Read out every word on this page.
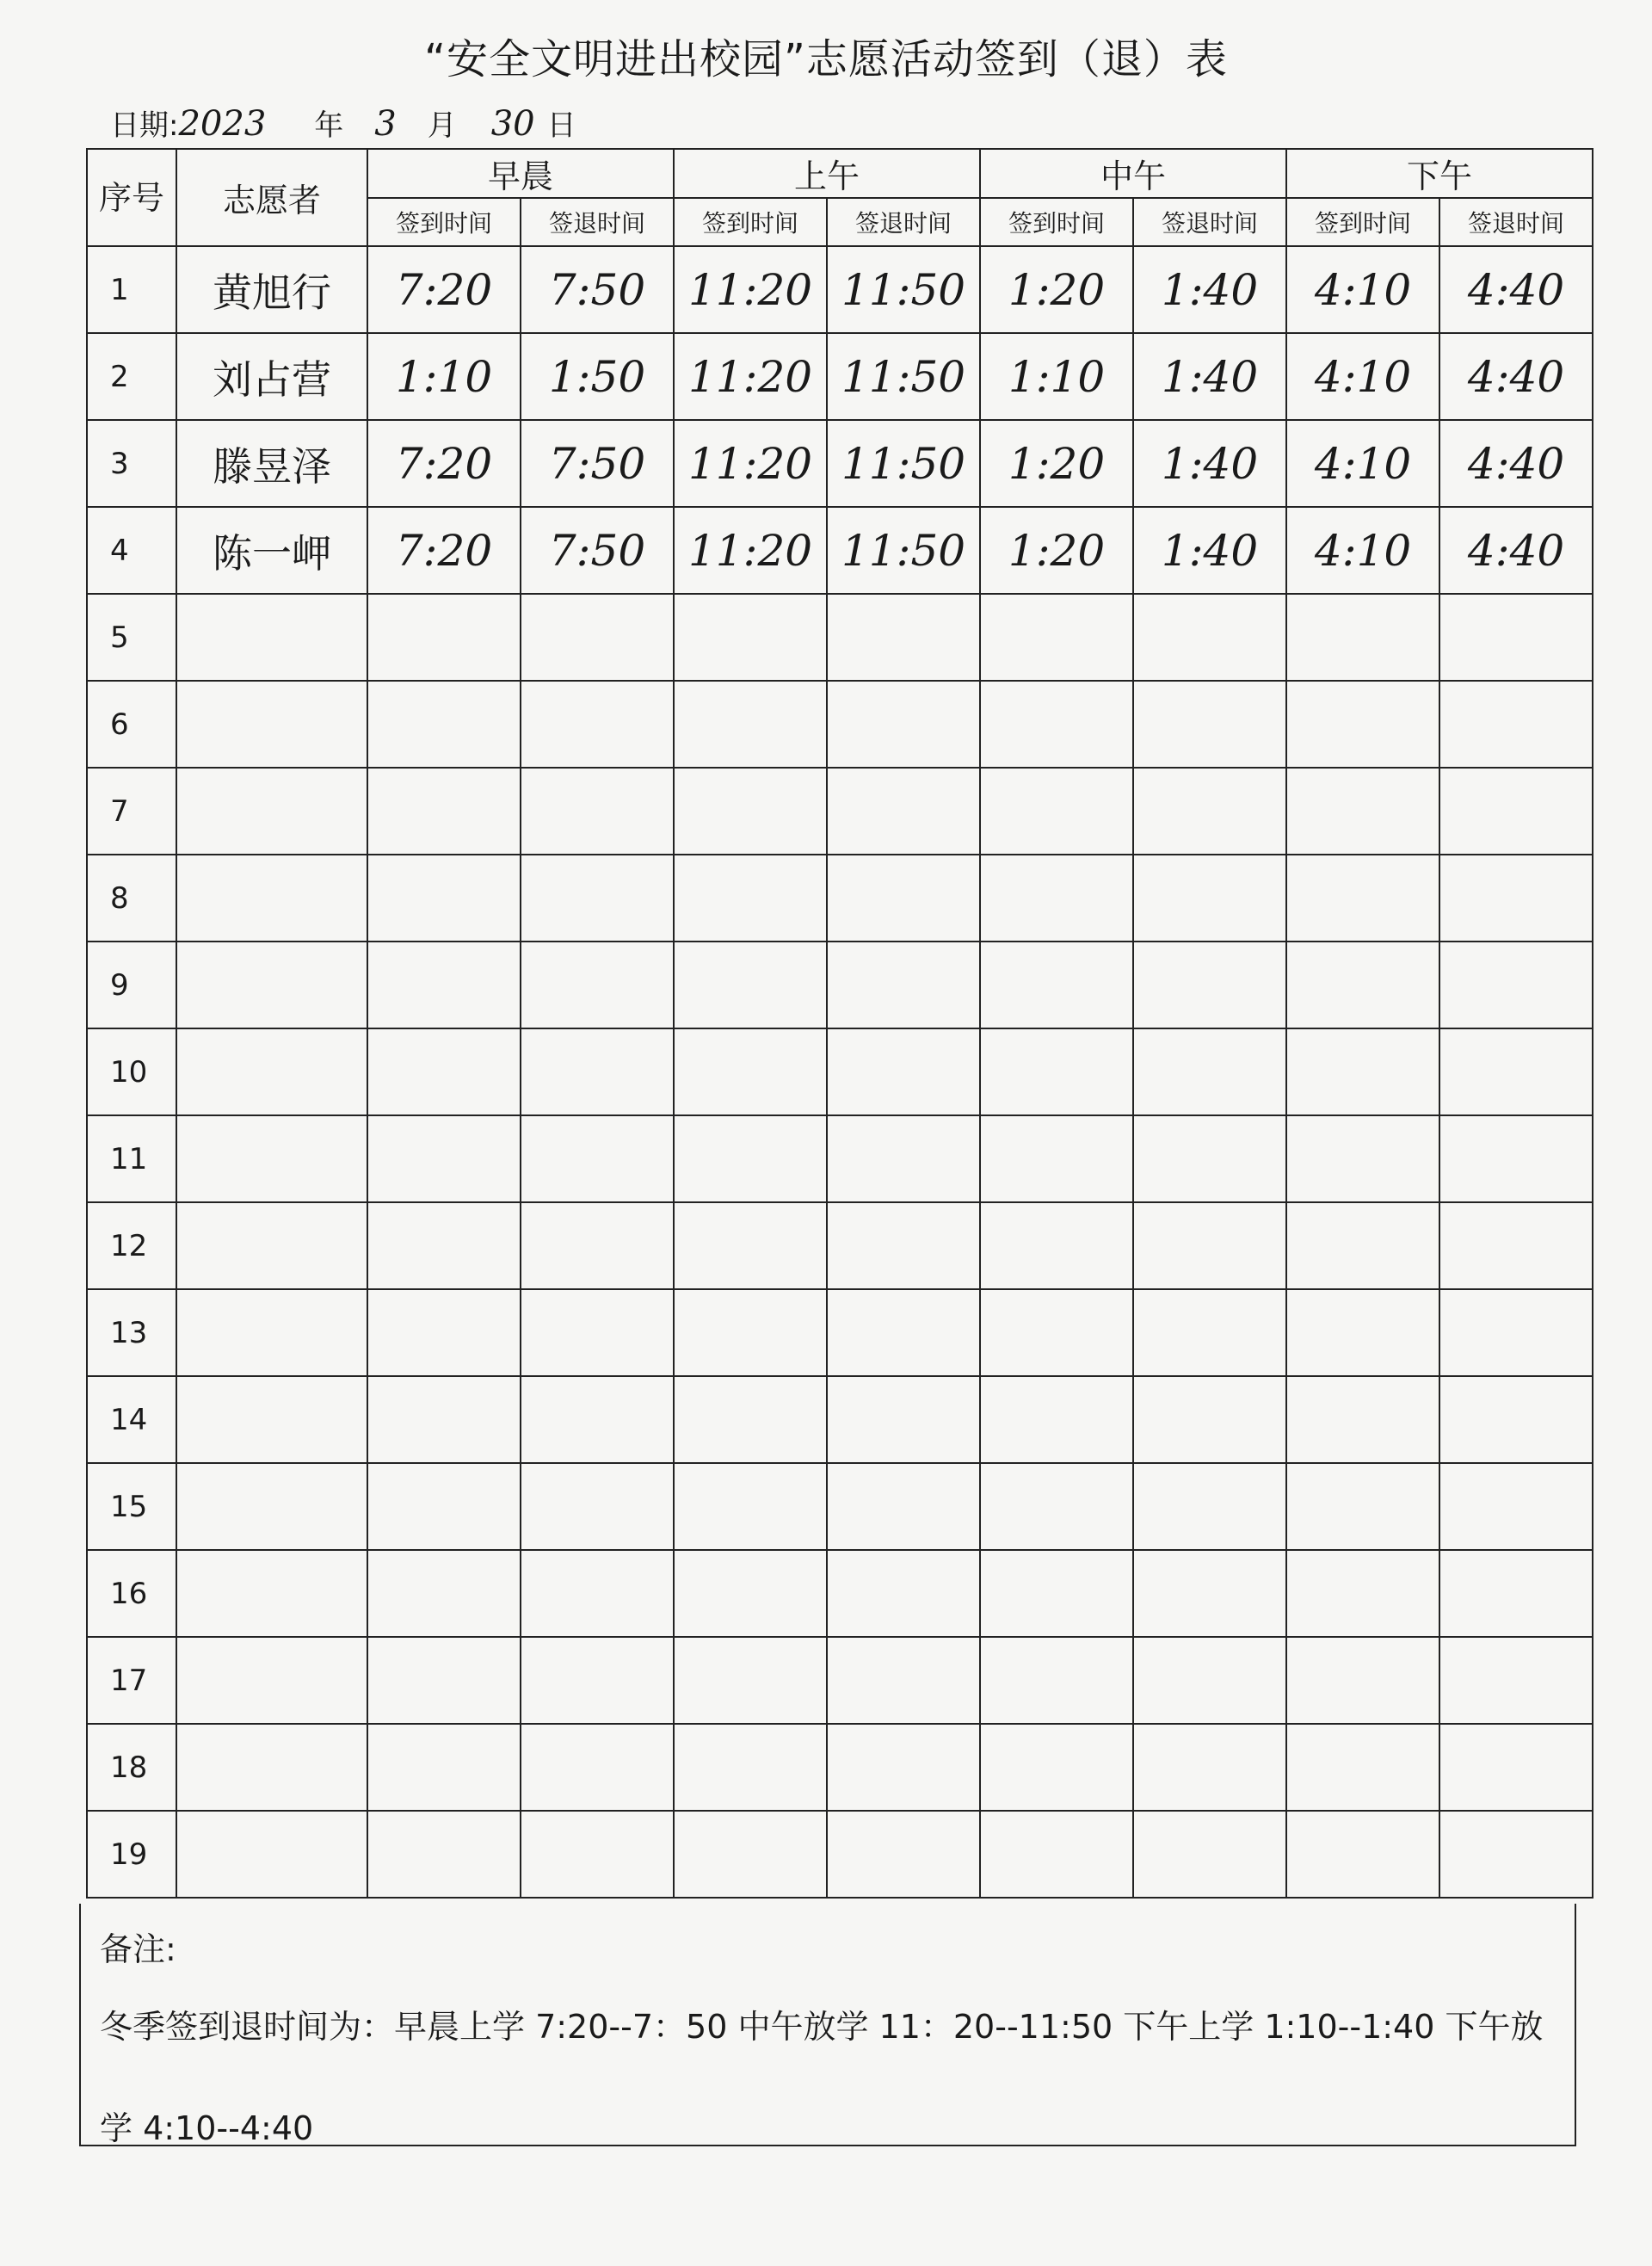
“安全文明进出校园”志愿活动签到（退）表
日期: 2023 年 3 月 30 日
序号	志愿者	早晨		上午		中午		下午	
		签到时间	签退时间	签到时间	签退时间	签到时间	签退时间	签到时间	签退时间
1	黄旭行	7:20	7:50	11:20	11:50	1:20	1:40	4:10	4:40
2	刘占营	1:10	1:50	11:20	11:50	1:10	1:40	4:10	4:40
3	滕昱泽	7:20	7:50	11:20	11:50	1:20	1:40	4:10	4:40
4	陈一岬	7:20	7:50	11:20	11:50	1:20	1:40	4:10	4:40
5									
6									
7									
8									
9									
10									
11									
12									
13									
14									
15									
16									
17									
18									
19									

备注:

冬季签到退时间为：早晨上学 7:20--7：50 中午放学 11：20--11:50 下午上学 1:10--1:40 下午放学 4:10--4:40
